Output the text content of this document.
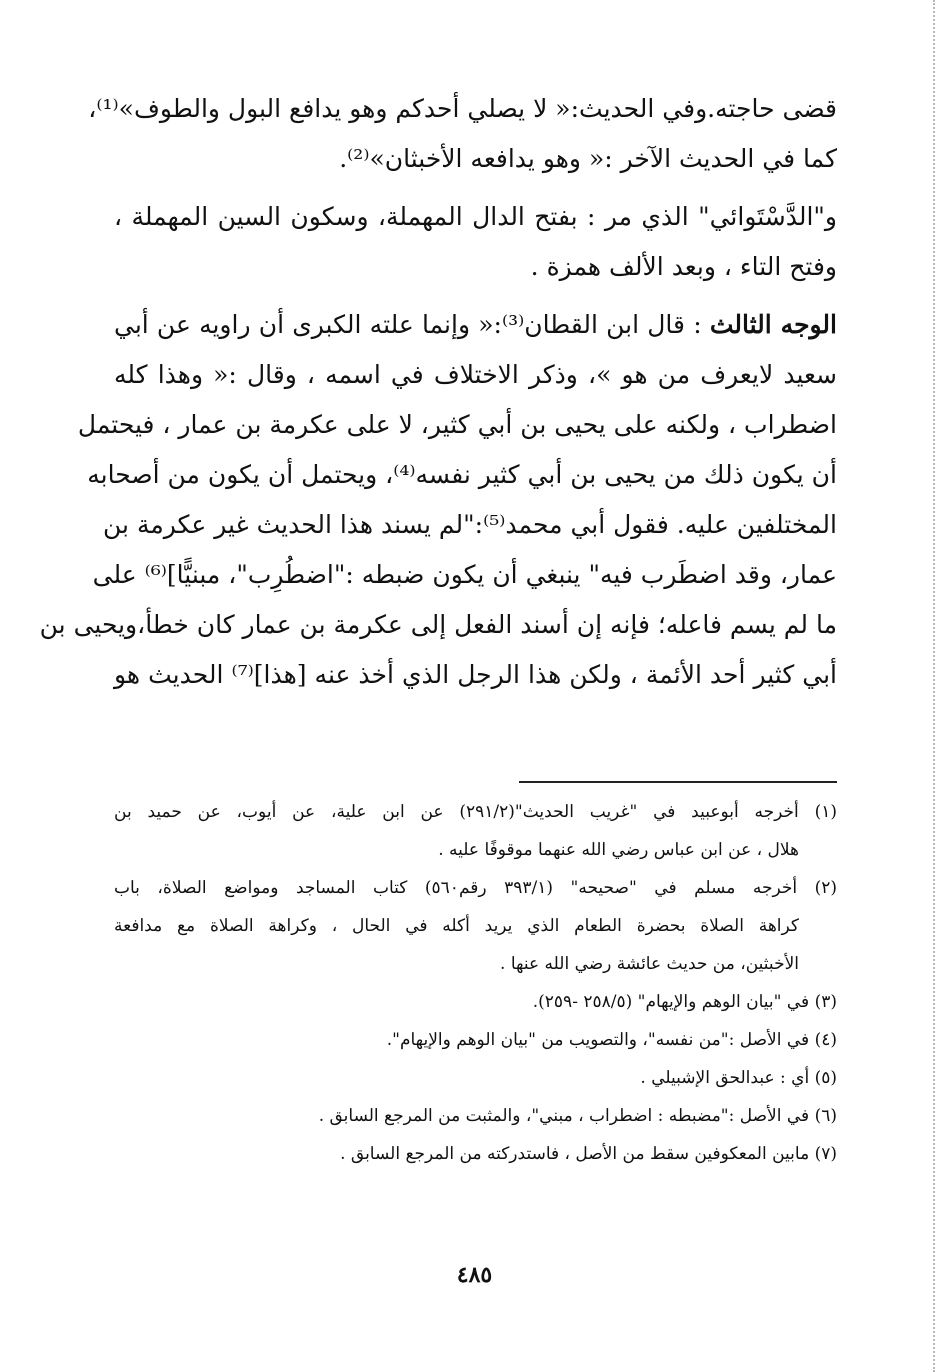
قضى حاجته.وفي الحديث:« لا يصلي أحدكم وهو يدافع البول والطوف»⁽¹⁾،
كما في الحديث الآخر :« وهو يدافعه الأخبثان»⁽²⁾.
و"الدَّسْتَوائي" الذي مر : بفتح الدال المهملة، وسكون السين المهملة ،
وفتح التاء ، وبعد الألف همزة .
الوجه الثالث : قال ابن القطان⁽³⁾:« وإنما علته الكبرى أن راويه عن أبي
سعيد لايعرف من هو »، وذكر الاختلاف في اسمه ، وقال :« وهذا كله
اضطراب ، ولكنه على يحيى بن أبي كثير، لا على عكرمة بن عمار ، فيحتمل
أن يكون ذلك من يحيى بن أبي كثير نفسه⁽⁴⁾، ويحتمل أن يكون من أصحابه
المختلفين عليه. فقول أبي محمد⁽⁵⁾:"لم يسند هذا الحديث غير عكرمة بن
عمار، وقد اضطَرب فيه" ينبغي أن يكون ضبطه :"اضطُرِب"، مبنيًّا]⁽⁶⁾ على
ما لم يسم فاعله؛ فإنه إن أسند الفعل إلى عكرمة بن عمار كان خطأ،ويحيى بن
أبي كثير أحد الأئمة ، ولكن هذا الرجل الذي أخذ عنه [هذا]⁽⁷⁾ الحديث هو
(١) أخرجه أبوعبيد في "غريب الحديث"(٢٩١/٢) عن ابن علية، عن أيوب، عن حميد بن
هلال ، عن ابن عباس رضي الله عنهما موقوفًا عليه .
(٢) أخرجه مسلم في "صحيحه" (٣٩٣/١ رقم٥٦٠) كتاب المساجد ومواضع الصلاة، باب
كراهة الصلاة بحضرة الطعام الذي يريد أكله في الحال ، وكراهة الصلاة مع مدافعة
الأخبثين، من حديث عائشة رضي الله عنها .
(٣) في "بيان الوهم والإيهام" (٢٥٨/٥ -٢٥٩).
(٤) في الأصل :"من نفسه"، والتصويب من "بيان الوهم والإيهام".
(٥) أي : عبدالحق الإشبيلي .
(٦) في الأصل :"مضبطه : اضطراب ، مبني"، والمثبت من المرجع السابق .
(٧) مابين المعكوفين سقط من الأصل ، فاستدركته من المرجع السابق .
٤٨٥
